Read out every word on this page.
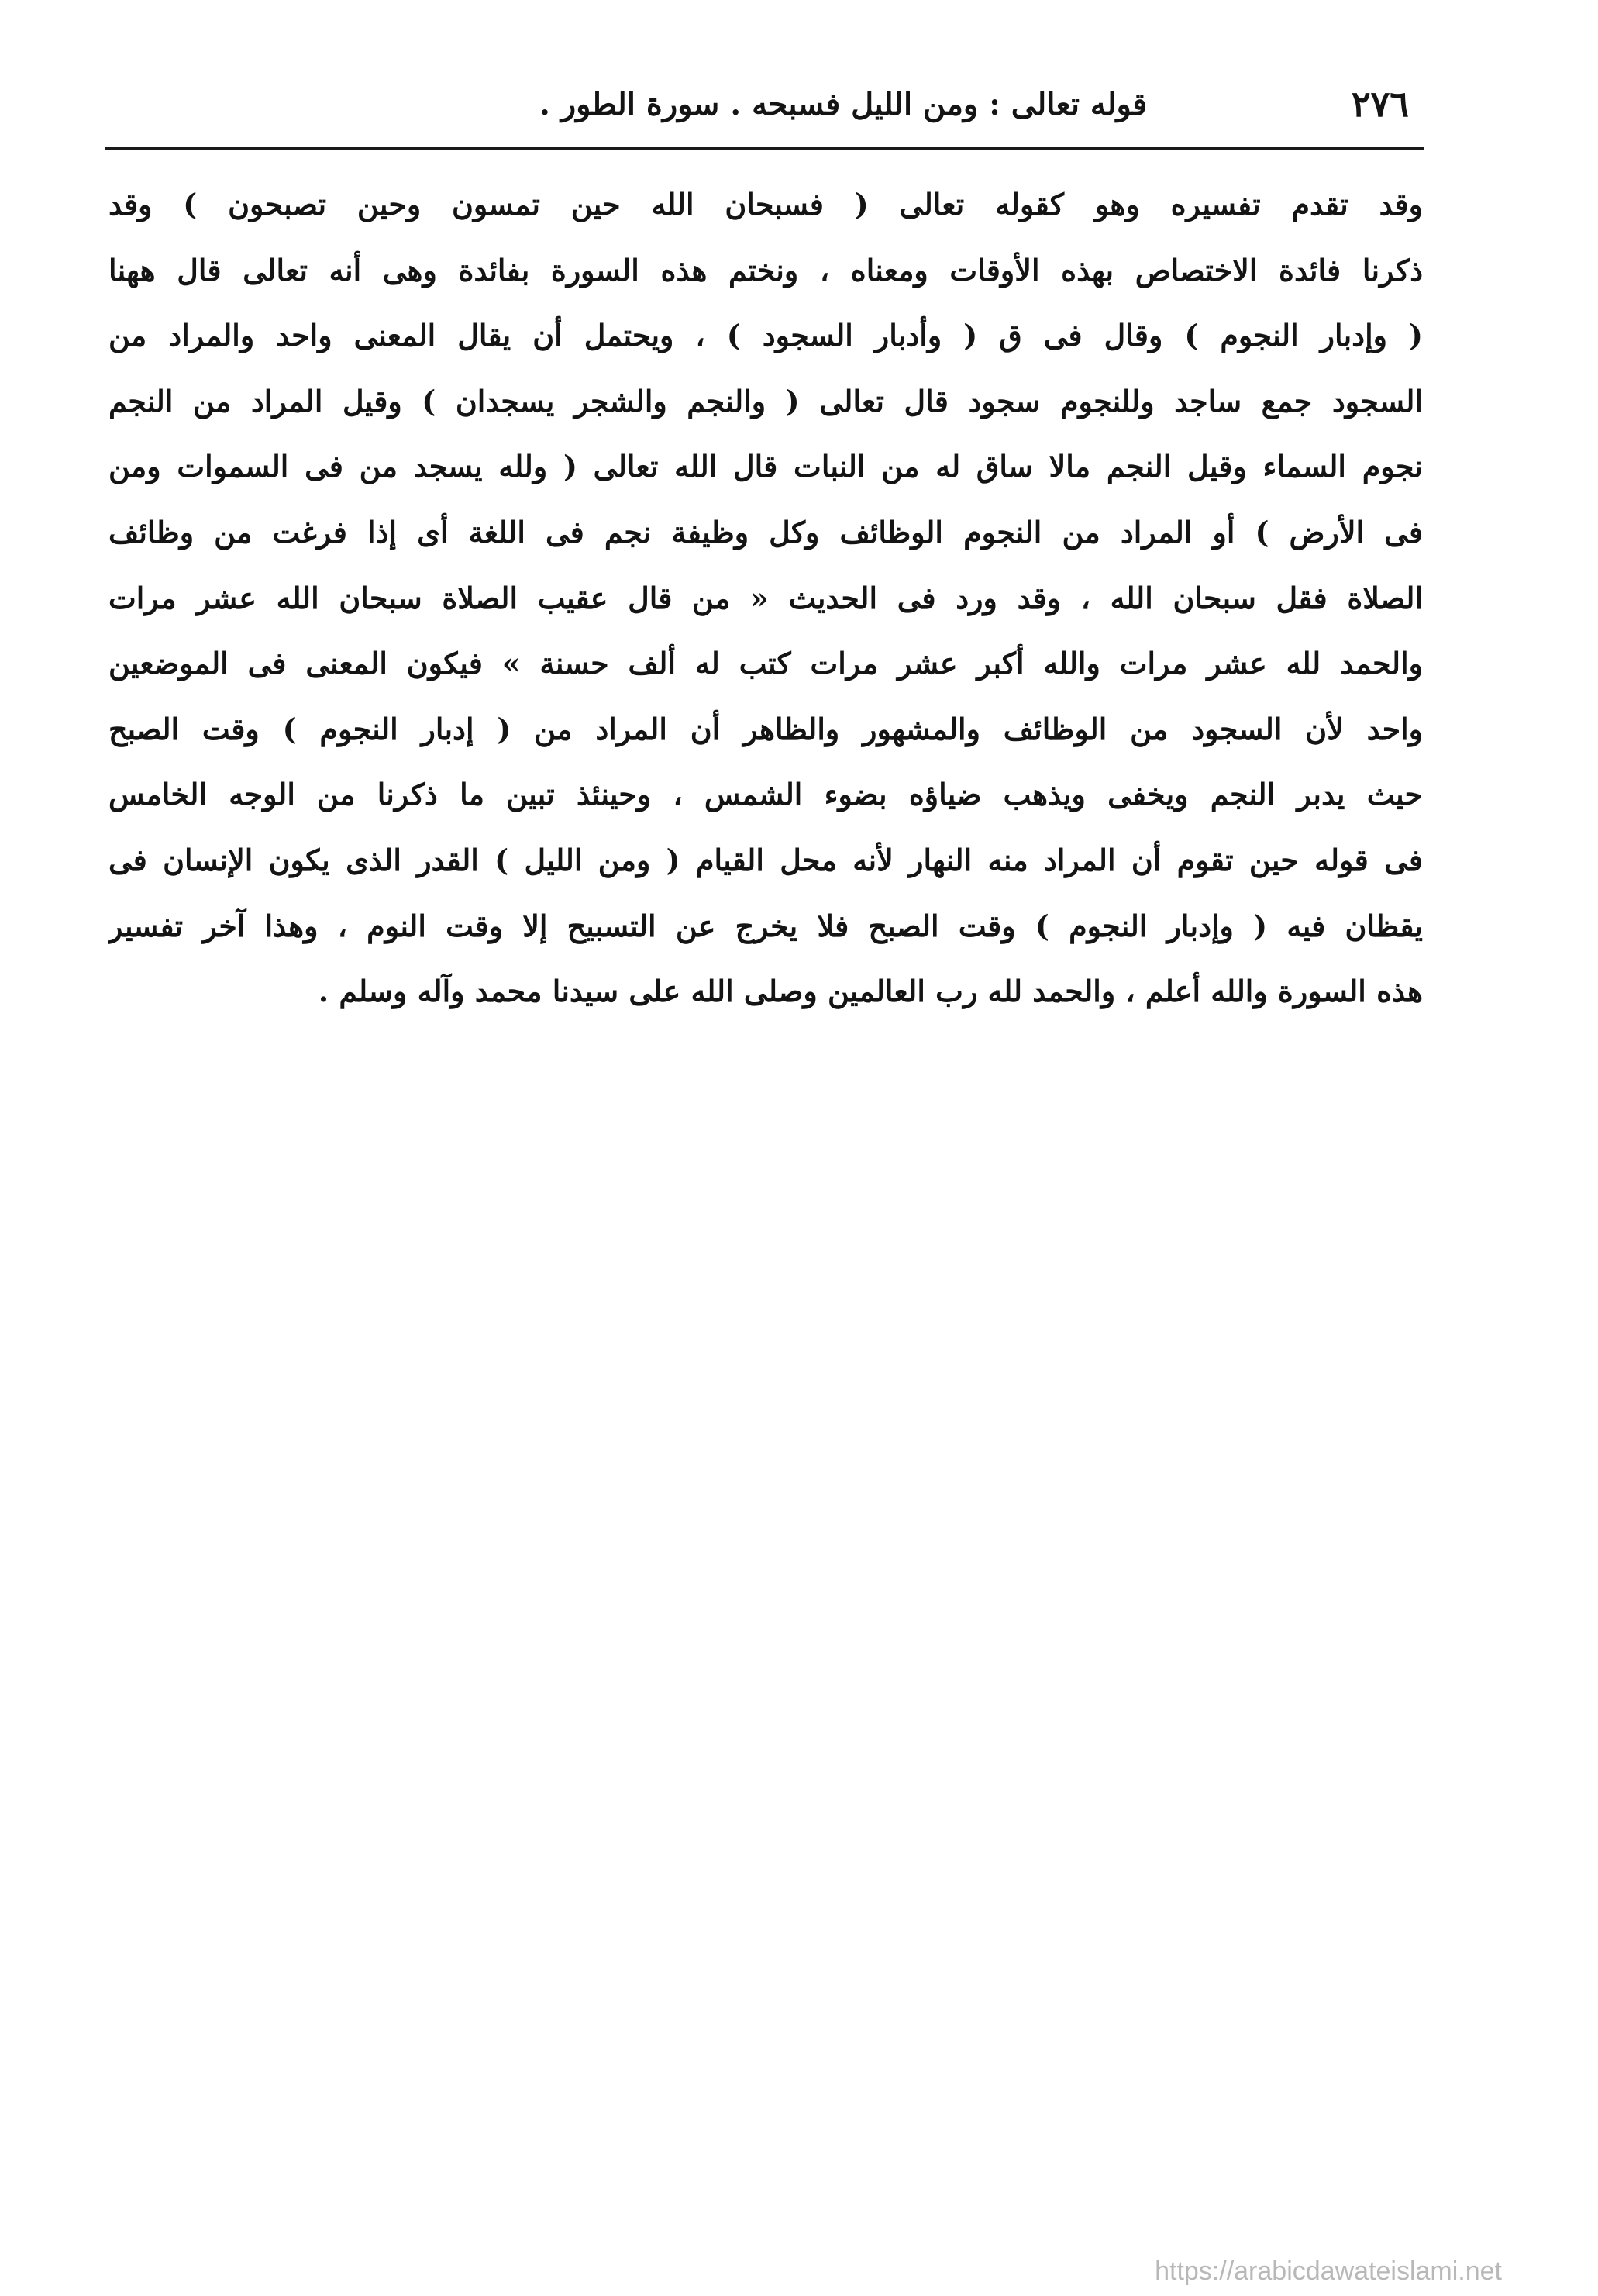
٢٧٦
قوله تعالى : ومن الليل فسبحه . سورة الطور .
وقد تقدم تفسيره وهو كقوله تعالى ( فسبحان الله حين تمسون وحين تصبحون ) وقد
ذكرنا فائدة الاختصاص بهذه الأوقات ومعناه ، ونختم هذه السورة بفائدة وهى أنه تعالى قال ههنا
( وإدبار النجوم ) وقال فى ق ( وأدبار السجود ) ، ويحتمل أن يقال المعنى واحد والمراد من
السجود جمع ساجد وللنجوم سجود قال تعالى ( والنجم والشجر يسجدان ) وقيل المراد من النجم
نجوم السماء وقيل النجم مالا ساق له من النبات قال الله تعالى ( ولله يسجد من فى السموات ومن
فى الأرض ) أو المراد من النجوم الوظائف وكل وظيفة نجم فى اللغة أى إذا فرغت من وظائف
الصلاة فقل سبحان الله ، وقد ورد فى الحديث « من قال عقيب الصلاة سبحان الله عشر مرات
والحمد لله عشر مرات والله أكبر عشر مرات كتب له ألف حسنة » فيكون المعنى فى الموضعين
واحد لأن السجود من الوظائف والمشهور والظاهر أن المراد من ( إدبار النجوم ) وقت الصبح
حيث يدبر النجم ويخفى ويذهب ضياؤه بضوء الشمس ، وحينئذ تبين ما ذكرنا من الوجه الخامس
فى قوله حين تقوم أن المراد منه النهار لأنه محل القيام ( ومن الليل ) القدر الذى يكون الإنسان فى
يقظان فيه ( وإدبار النجوم ) وقت الصبح فلا يخرج عن التسبيح إلا وقت النوم ، وهذا آخر تفسير
هذه السورة والله أعلم ، والحمد لله رب العالمين وصلى الله على سيدنا محمد وآله وسلم .
https://arabicdawateislami.net
